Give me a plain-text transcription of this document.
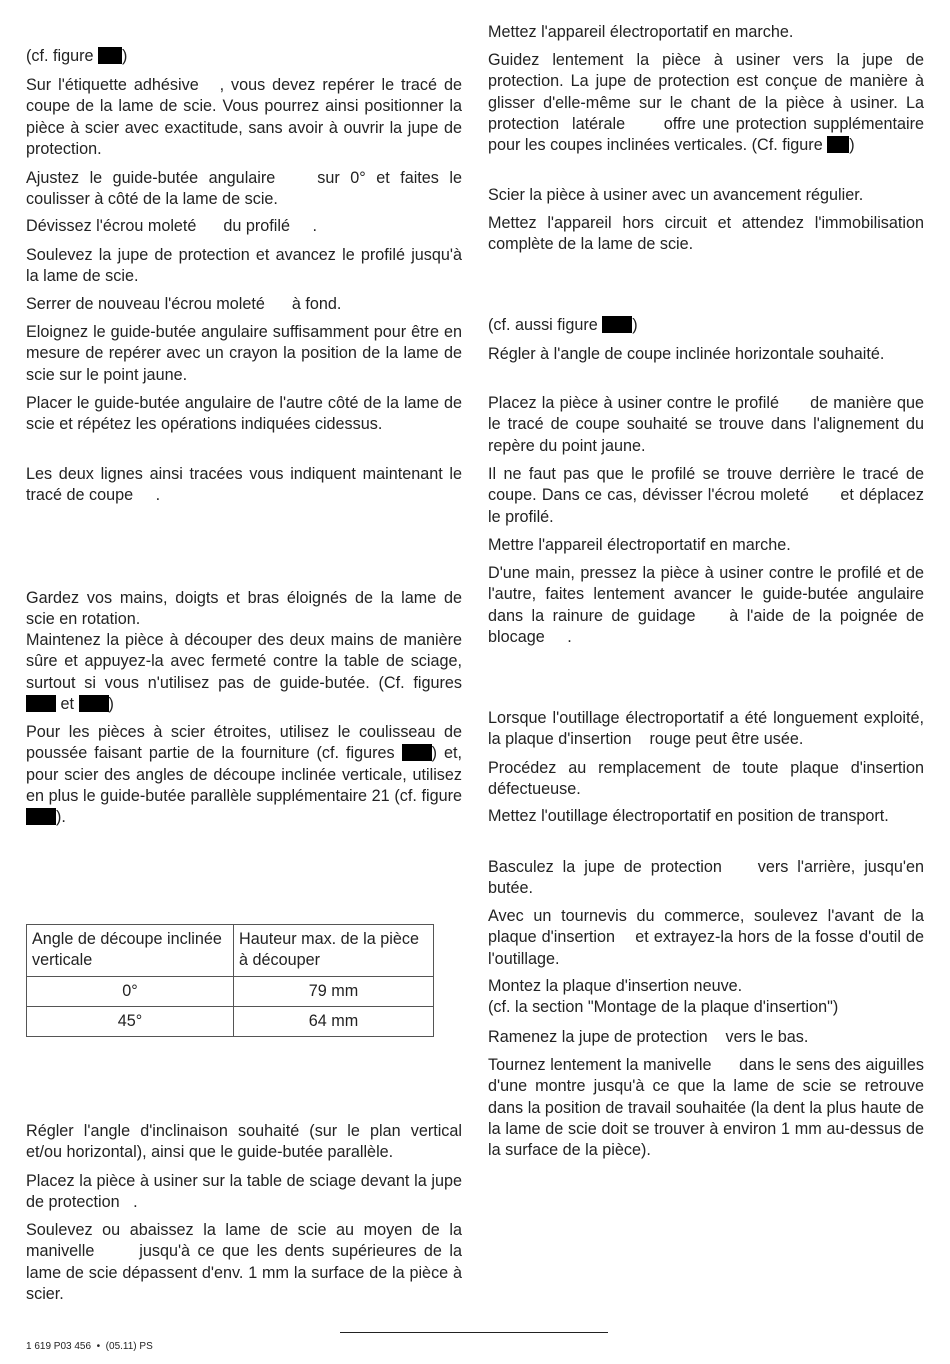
(cf. figure )

Sur l'étiquette adhésive   , vous devez repérer le tracé de coupe de la lame de scie. Vous pourrez ainsi positionner la pièce à scier avec exactitude, sans avoir à ouvrir la jupe de protection.

Ajustez le guide-butée angulaire    sur 0° et faites le coulisser à côté de la lame de scie.

Dévissez l'écrou moleté      du profilé     .

Soulevez la jupe de protection et avancez le profilé jusqu'à la lame de scie.

Serrer de nouveau l'écrou moleté      à fond.

Eloignez le guide-butée angulaire suffisamment pour être en mesure de repérer avec un crayon la position de la lame de scie sur le point jaune.

Placer le guide-butée angulaire de l'autre côté de la lame de scie et répétez les opérations indiquées cidessus.

Les deux lignes ainsi tracées vous indiquent maintenant le tracé de coupe     .

Gardez vos mains, doigts et bras éloignés de la lame de scie en rotation.

Maintenez la pièce à découper des deux mains de manière sûre et appuyez-la avec fermeté contre la table de sciage, surtout si vous n'utilisez pas de guide-butée. (Cf. figures  et )

Pour les pièces à scier étroites, utilisez le coulisseau de poussée faisant partie de la fourniture (cf. figures ) et, pour scier des angles de découpe inclinée verticale, utilisez en plus le guide-butée parallèle supplémentaire 21 (cf. figure ).

Régler l'angle d'inclinaison souhaité (sur le plan vertical et/ou horizontal), ainsi que le guide-butée parallèle.

Placez la pièce à usiner sur la table de sciage devant la jupe de protection   .

Soulevez ou abaissez la lame de scie au moyen de la manivelle      jusqu'à ce que les dents supérieures de la lame de scie dépassent d'env. 1 mm la surface de la pièce à scier.

Angle de découpe inclinée verticale	Hauteur max. de la pièce à découper
0°	79 mm
45°	64 mm

Mettez l'appareil électroportatif en marche.

Guidez lentement la pièce à usiner vers la jupe de protection. La jupe de protection est conçue de manière à glisser d'elle-même sur le chant de la pièce à usiner. La protection  latérale      offre une protection supplémentaire pour les coupes inclinées verticales. (Cf. figure )

Scier la pièce à usiner avec un avancement régulier.

Mettez l'appareil hors circuit et attendez l'immobilisation complète de la lame de scie.

(cf. aussi figure )

Régler à l'angle de coupe inclinée horizontale souhaité.

Placez la pièce à usiner contre le profilé      de manière que le tracé de coupe souhaité se trouve dans l'alignement du repère du point jaune.

Il ne faut pas que le profilé se trouve derrière le tracé de coupe. Dans ce cas, dévisser l'écrou moleté      et déplacez le profilé.

Mettre l'appareil électroportatif en marche.

D'une main, pressez la pièce à usiner contre le profilé et de l'autre, faites lentement avancer le guide-butée angulaire dans la rainure de guidage    à l'aide de la poignée de blocage     .

Lorsque l'outillage électroportatif a été longuement exploité, la plaque d'insertion    rouge peut être usée.

Procédez au remplacement de toute plaque d'insertion défectueuse.

Mettez l'outillage électroportatif en position de transport.

Basculez la jupe de protection    vers l'arrière, jusqu'en butée.

Avec un tournevis du commerce, soulevez l'avant de la plaque d'insertion    et extrayez-la hors de la fosse d'outil de l'outillage.

Montez la plaque d'insertion neuve.
(cf. la section "Montage de la plaque d'insertion")

Ramenez la jupe de protection    vers le bas.

Tournez lentement la manivelle      dans le sens des aiguilles d'une montre jusqu'à ce que la lame de scie se retrouve dans la position de travail souhaitée (la dent la plus haute de la lame de scie doit se trouver à environ 1 mm au-dessus de la surface de la pièce).

1 619 P03 456  •  (05.11) PS
